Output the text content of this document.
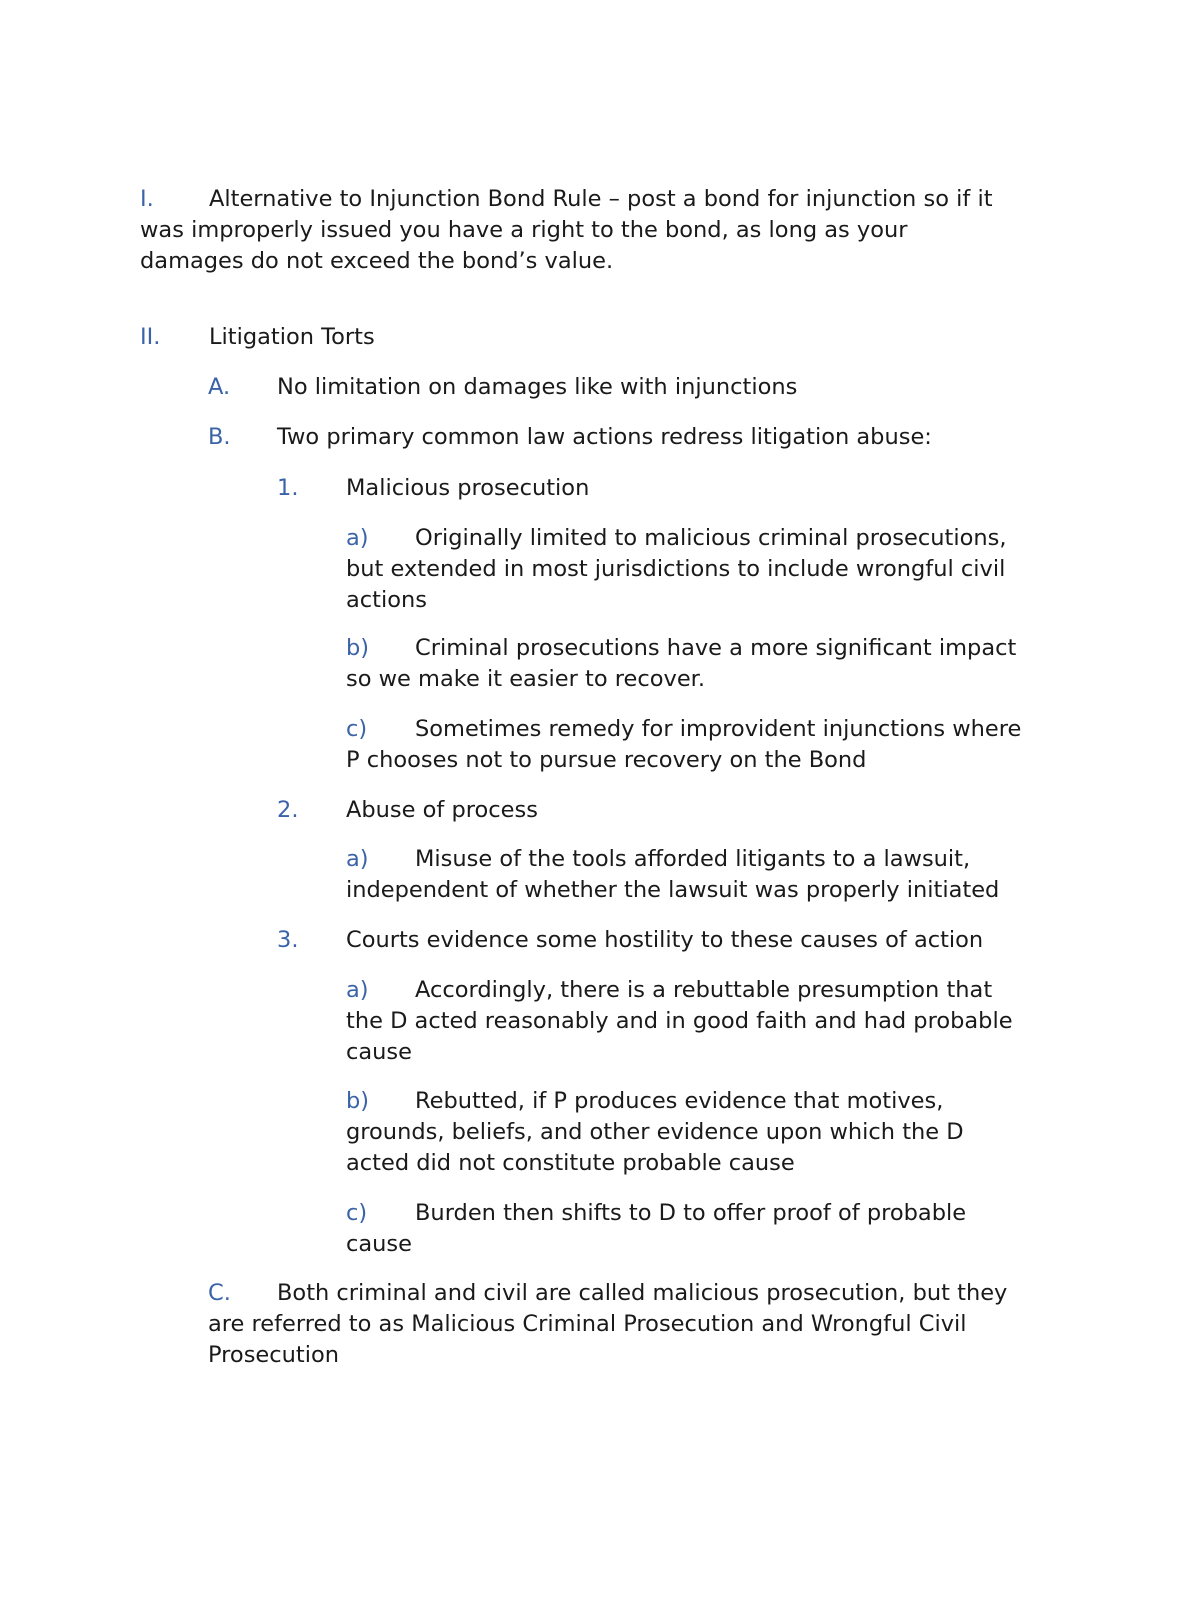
I. Alternative to Injunction Bond Rule – post a bond for injunction so if it
was improperly issued you have a right to the bond, as long as your
damages do not exceed the bond’s value.
II. Litigation Torts
A. No limitation on damages like with injunctions
B. Two primary common law actions redress litigation abuse:
1. Malicious prosecution
a) Originally limited to malicious criminal prosecutions,
but extended in most jurisdictions to include wrongful civil
actions
b) Criminal prosecutions have a more significant impact
so we make it easier to recover.
c) Sometimes remedy for improvident injunctions where
P chooses not to pursue recovery on the Bond
2. Abuse of process
a) Misuse of the tools afforded litigants to a lawsuit,
independent of whether the lawsuit was properly initiated
3. Courts evidence some hostility to these causes of action
a) Accordingly, there is a rebuttable presumption that
the D acted reasonably and in good faith and had probable
cause
b) Rebutted, if P produces evidence that motives,
grounds, beliefs, and other evidence upon which the D
acted did not constitute probable cause
c) Burden then shifts to D to offer proof of probable
cause
C. Both criminal and civil are called malicious prosecution, but they
are referred to as Malicious Criminal Prosecution and Wrongful Civil
Prosecution
